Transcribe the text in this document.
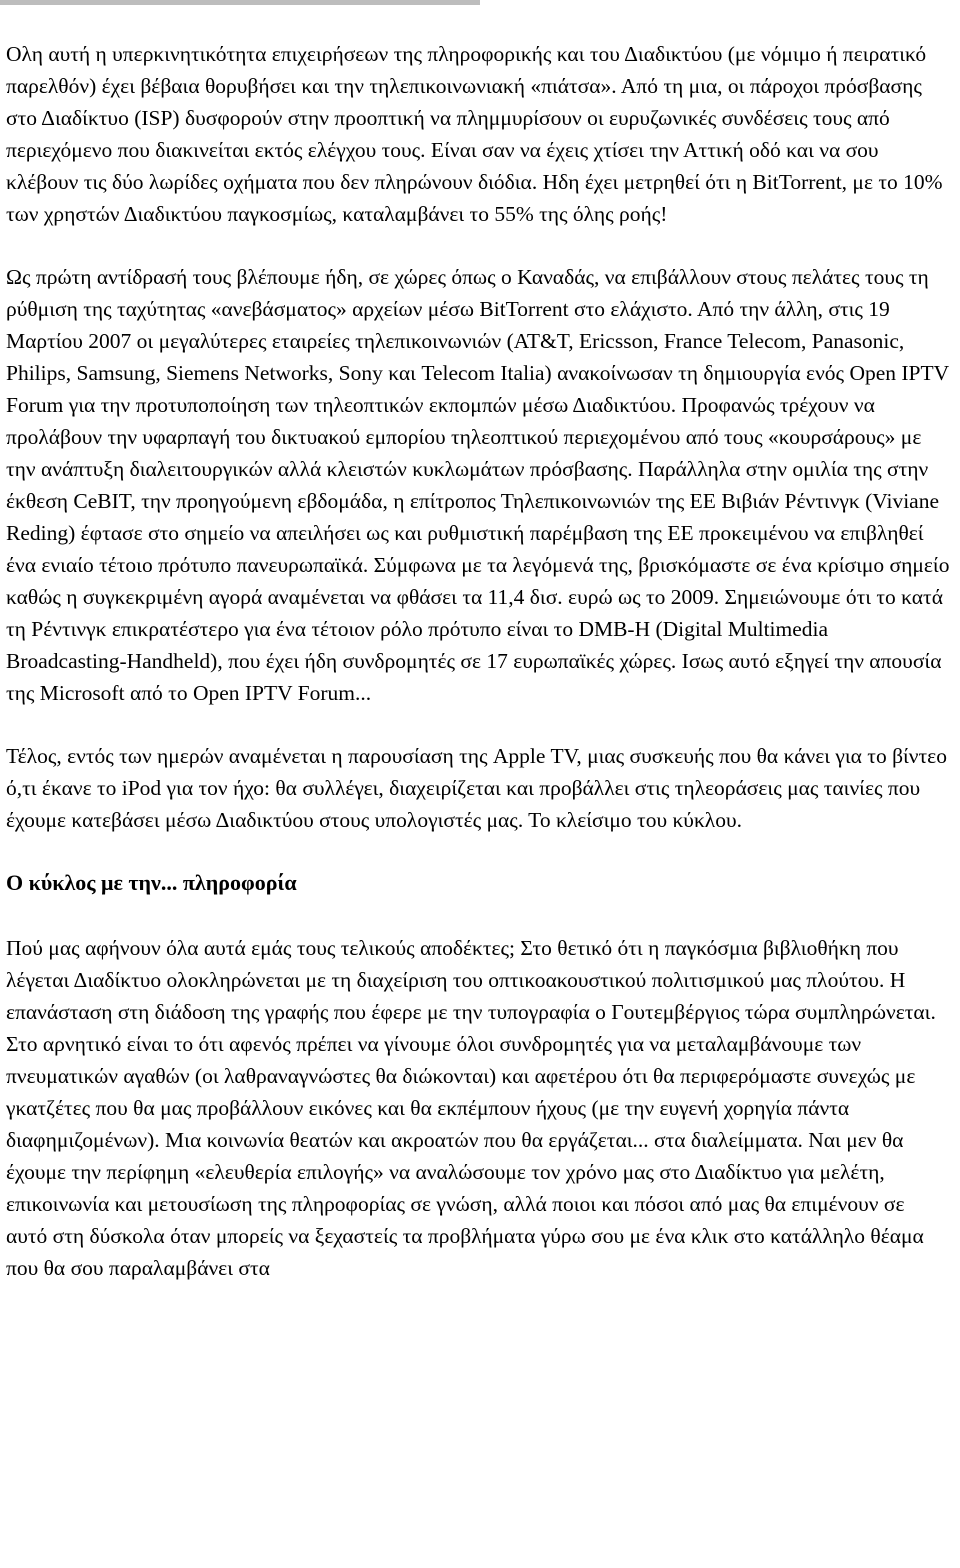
Ολη αυτή η υπερκινητικότητα επιχειρήσεων της πληροφορικής και του Διαδικτύου (με νόμιμο ή πειρατικό παρελθόν) έχει βέβαια θορυβήσει και την τηλεπικοινωνιακή «πιάτσα». Από τη μια, οι πάροχοι πρόσβασης στο Διαδίκτυο (ISP) δυσφορούν στην προοπτική να πλημμυρίσουν οι ευρυζωνικές συνδέσεις τους από περιεχόμενο που διακινείται εκτός ελέγχου τους. Είναι σαν να έχεις χτίσει την Αττική οδό και να σου κλέβουν τις δύο λωρίδες οχήματα που δεν πληρώνουν διόδια. Ηδη έχει μετρηθεί ότι η BitTorrent, με το 10% των χρηστών Διαδικτύου παγκοσμίως, καταλαμβάνει το 55% της όλης ροής!

Ως πρώτη αντίδρασή τους βλέπουμε ήδη, σε χώρες όπως ο Καναδάς, να επιβάλλουν στους πελάτες τους τη ρύθμιση της ταχύτητας «ανεβάσματος» αρχείων μέσω BitTorrent στο ελάχιστο. Από την άλλη, στις 19 Μαρτίου 2007 οι μεγαλύτερες εταιρείες τηλεπικοινωνιών (AT&T, Ericsson, France Telecom, Panasonic, Philips, Samsung, Siemens Networks, Sony και Telecom Italia) ανακοίνωσαν τη δημιουργία ενός Open IPTV Forum για την προτυποποίηση των τηλεοπτικών εκπομπών μέσω Διαδικτύου. Προφανώς τρέχουν να προλάβουν την υφαρπαγή του δικτυακού εμπορίου τηλεοπτικού περιεχομένου από τους «κουρσάρους» με την ανάπτυξη διαλειτουργικών αλλά κλειστών κυκλωμάτων πρόσβασης. Παράλληλα στην ομιλία της στην έκθεση CeBIT, την προηγούμενη εβδομάδα, η επίτροπος Τηλεπικοινωνιών της ΕΕ Βιβιάν Ρέντινγκ (Viviane Reding) έφτασε στο σημείο να απειλήσει ως και ρυθμιστική παρέμβαση της ΕΕ προκειμένου να επιβληθεί ένα ενιαίο τέτοιο πρότυπο πανευρωπαϊκά. Σύμφωνα με τα λεγόμενά της, βρισκόμαστε σε ένα κρίσιμο σημείο καθώς η συγκεκριμένη αγορά αναμένεται να φθάσει τα 11,4 δισ. ευρώ ως το 2009. Σημειώνουμε ότι το κατά τη Ρέντινγκ επικρατέστερο για ένα τέτοιον ρόλο πρότυπο είναι το DMB-H (Digital Multimedia Broadcasting-Handheld), που έχει ήδη συνδρομητές σε 17 ευρωπαϊκές χώρες. Ισως αυτό εξηγεί την απουσία της Microsoft από το Open IPTV Forum...

Τέλος, εντός των ημερών αναμένεται η παρουσίαση της Apple TV, μιας συσκευής που θα κάνει για το βίντεο ό,τι έκανε το iPod για τον ήχο: θα συλλέγει, διαχειρίζεται και προβάλλει στις τηλεοράσεις μας ταινίες που έχουμε κατεβάσει μέσω Διαδικτύου στους υπολογιστές μας. Το κλείσιμο του κύκλου.

Ο κύκλος με την... πληροφορία

Πού μας αφήνουν όλα αυτά εμάς τους τελικούς αποδέκτες; Στο θετικό ότι η παγκόσμια βιβλιοθήκη που λέγεται Διαδίκτυο ολοκληρώνεται με τη διαχείριση του οπτικοακουστικού πολιτισμικού μας πλούτου. Η επανάσταση στη διάδοση της γραφής που έφερε με την τυπογραφία ο Γουτεμβέργιος τώρα συμπληρώνεται. Στο αρνητικό είναι το ότι αφενός πρέπει να γίνουμε όλοι συνδρομητές για να μεταλαμβάνουμε των πνευματικών αγαθών (οι λαθραναγνώστες θα διώκονται) και αφετέρου ότι θα περιφερόμαστε συνεχώς με γκατζέτες που θα μας προβάλλουν εικόνες και θα εκπέμπουν ήχους (με την ευγενή χορηγία πάντα διαφημιζομένων). Μια κοινωνία θεατών και ακροατών που θα εργάζεται... στα διαλείμματα. Ναι μεν θα έχουμε την περίφημη «ελευθερία επιλογής» να αναλώσουμε τον χρόνο μας στο Διαδίκτυο για μελέτη, επικοινωνία και μετουσίωση της πληροφορίας σε γνώση, αλλά ποιοι και πόσοι από μας θα επιμένουν σε αυτό στη δύσκολα όταν μπορείς να ξεχαστείς τα προβλήματα γύρω σου με ένα κλικ στο κατάλληλο θέαμα που θα σου παραλαμβάνει στα
